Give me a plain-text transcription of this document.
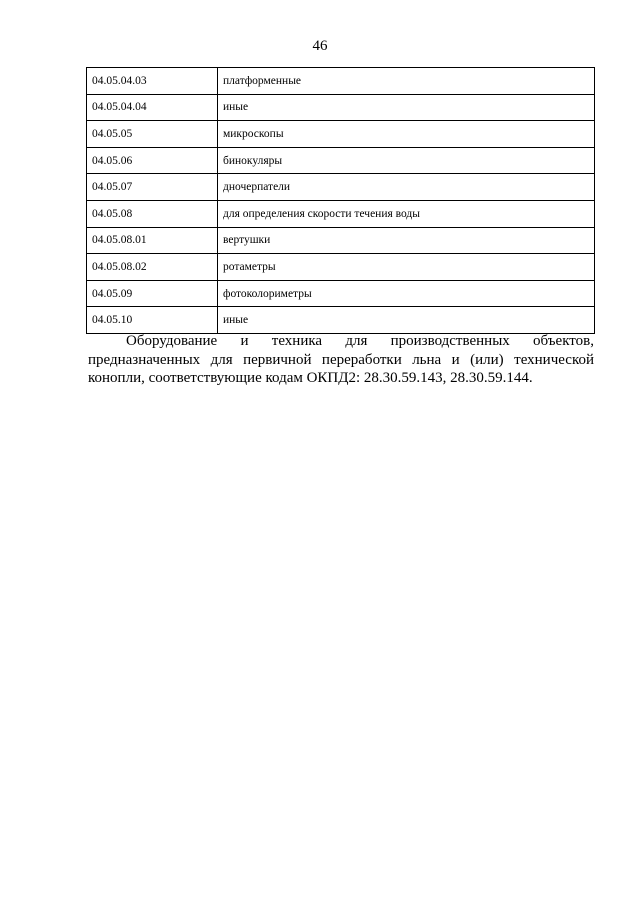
46
04.05.04.03	платформенные
04.05.04.04	иные
04.05.05	микроскопы
04.05.06	бинокуляры
04.05.07	дночерпатели
04.05.08	для определения скорости течения воды
04.05.08.01	вертушки
04.05.08.02	ротаметры
04.05.09	фотоколориметры
04.05.10	иные

Оборудование и техника для производственных объектов, предназначенных для первичной переработки льна и (или) технической конопли, соответствующие кодам ОКПД2: 28.30.59.143, 28.30.59.144.
